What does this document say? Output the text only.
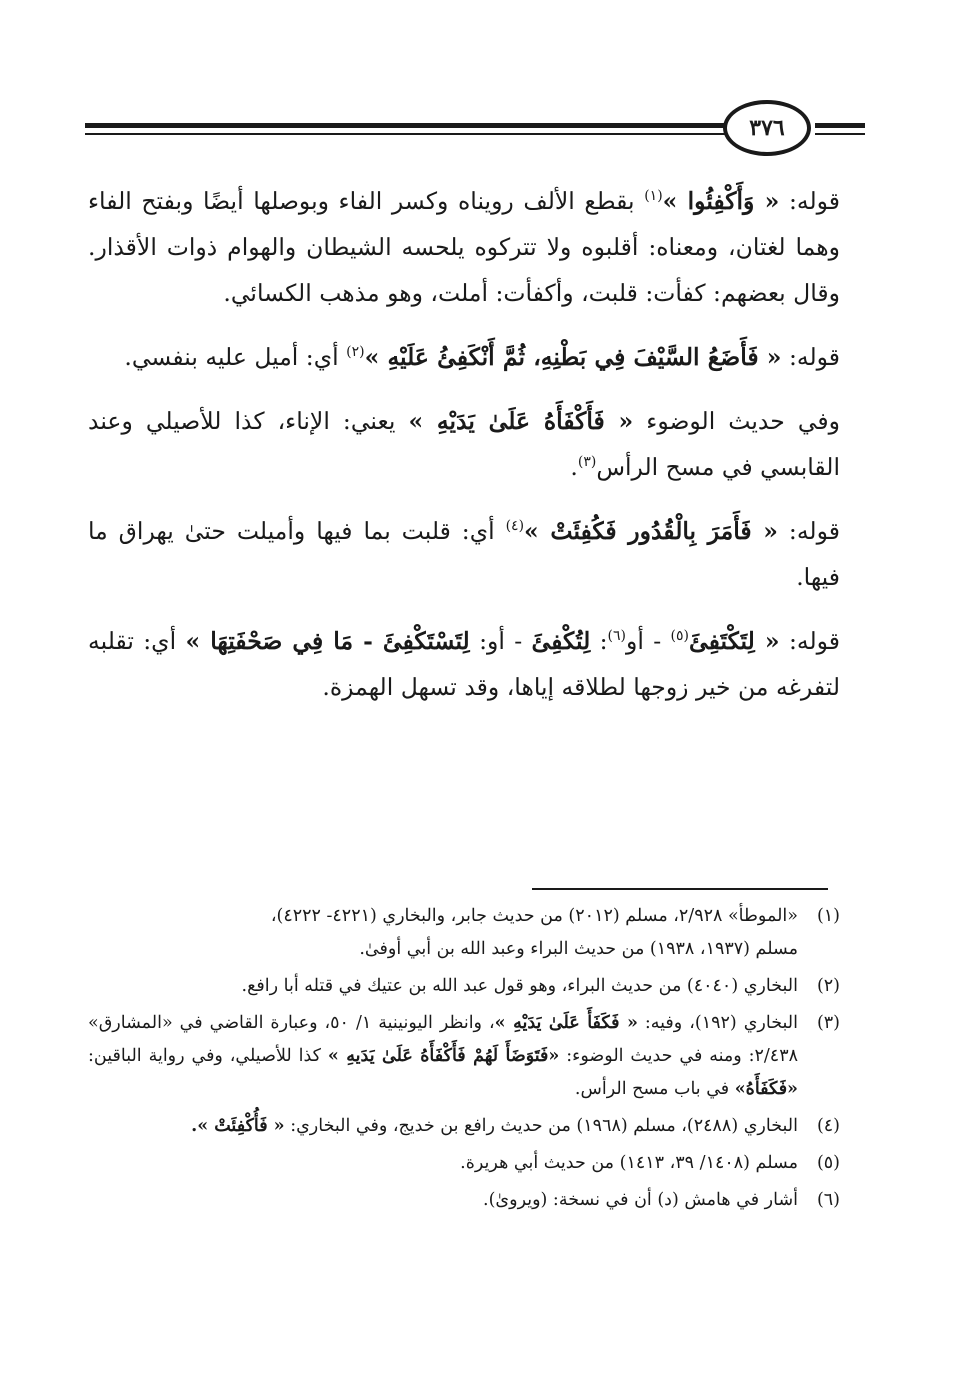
٣٧٦

قوله: « وَأَكْفِئُوا »$^{(١)}$ بقطع الألف رويناه وكسر الفاء وبوصلها أيضًا وبفتح الفاء وهما لغتان، ومعناه: أقلبوه ولا تتركوه يلحسه الشيطان والهوام ذوات الأقذار. وقال بعضهم: كفأت: قلبت، وأكفأت: أملت، وهو مذهب الكسائي.

قوله: « فَأَضَعُ السَّيْفَ فِي بَطْنِهِ، ثُمَّ أَنْكَفِئُ عَلَيْهِ »$^{(٢)}$ أي: أميل عليه بنفسي.

وفي حديث الوضوء « فَأَكْفَأَهُ عَلَىٰ يَدَيْهِ » يعني: الإناء، كذا للأصيلي وعند القابسي في مسح الرأس$^{(٣)}$.

قوله: « فَأَمَرَ بِالْقُدُور فَكُفِئَتْ »$^{(٤)}$ أي: قلبت بما فيها وأميلت حتىٰ يهراق ما فيها.

قوله: « لِتَكْتَفِئَ$^{(٥)}$ - أو$^{(٦)}$: لِتُكْفِئَ - أو: لِتَسْتَكْفِئَ - مَا فِي صَحْفَتِهَا » أي: تقلبه لتفرغه من خير زوجها لطلاقه إياها، وقد تسهل الهمزة.

(١)

«الموطأ» ٢/٩٢٨، مسلم (٢٠١٢) من حديث جابر، والبخاري (٤٢٢١- ٤٢٢٢)،

مسلم (١٩٣٧، ١٩٣٨) من حديث البراء وعبد الله بن أبي أوفىٰ.

(٢)

البخاري (٤٠٤٠) من حديث البراء، وهو قول عبد الله بن عتيك في قتله أبا رافع.

(٣)

البخاري (١٩٢)، وفيه: « فَكَفَأَ عَلَىٰ يَدَيْهِ »، وانظر اليونينية ١/ ٥٠، وعبارة القاضي في «المشارق» ٢/٤٣٨: ومنه في حديث الوضوء: «فَتَوَضَأَ لَهُمْ فَأَكْفَأَهُ عَلَىٰ يَدَيهِ » كذا للأصيلي، وفي رواية الباقين: «فَكَفَأَهُ» في باب مسح الرأس.

(٤)

البخاري (٢٤٨٨)، مسلم (١٩٦٨) من حديث رافع بن خديج، وفي البخاري: « فَأُكْفِئَتْ ».

(٥)

مسلم (١٤٠٨/ ٣٩، ١٤١٣) من حديث أبي هريرة.

(٦)

أشار في هامش (د) أن في نسخة: (ويروىٰ).
